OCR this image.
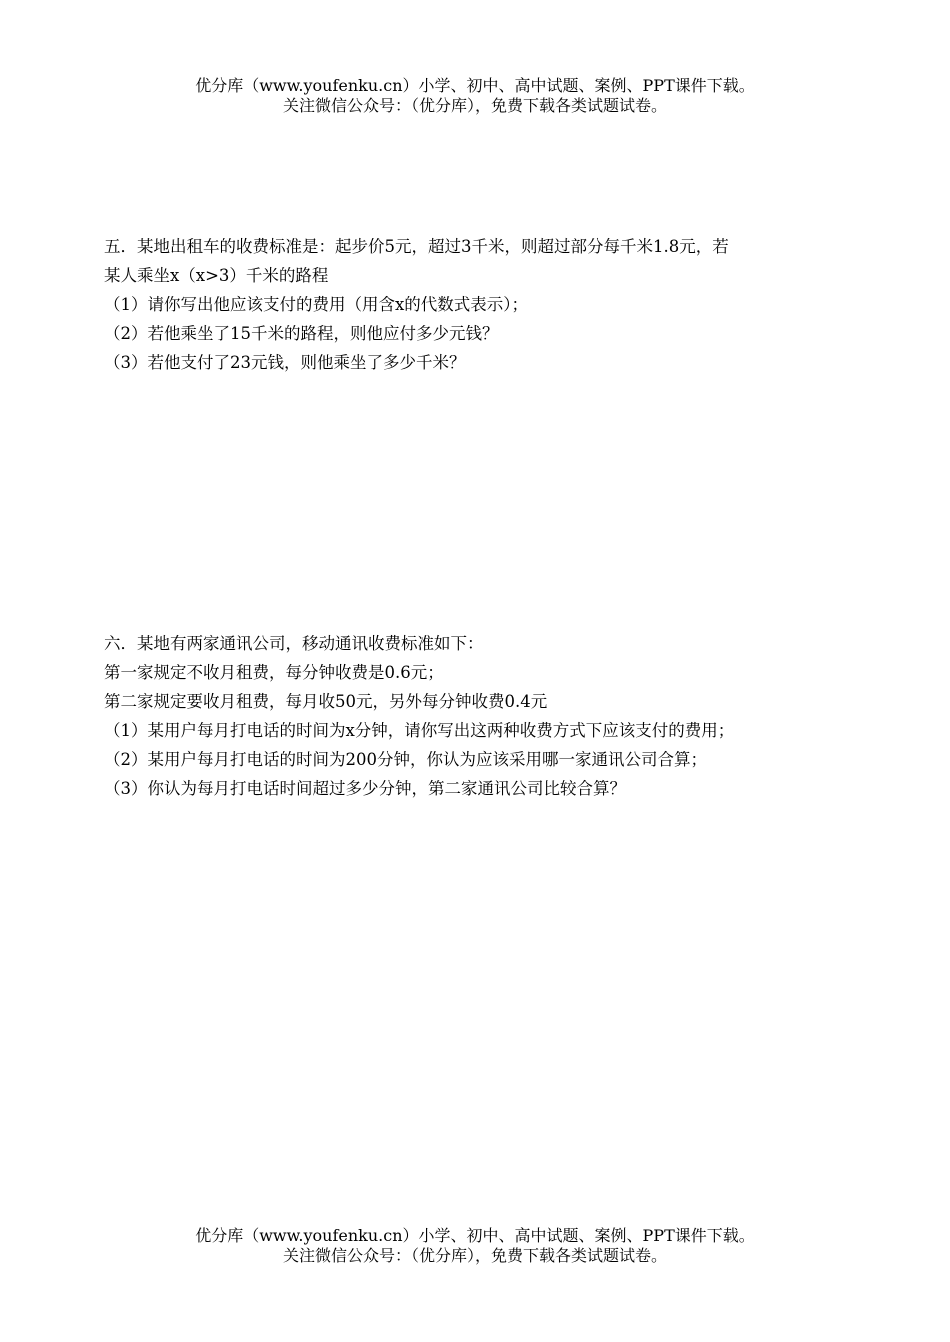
优分库（www.youfenku.cn）小学、初中、高中试题、案例、PPT课件下载。
关注微信公众号：（优分库），免费下载各类试题试卷。
五．某地出租车的收费标准是：起步价5元，超过3千米，则超过部分每千米1.8元，若
某人乘坐x（x>3）千米的路程
（1）请你写出他应该支付的费用（用含x的代数式表示）；
（2）若他乘坐了15千米的路程，则他应付多少元钱？
（3）若他支付了23元钱，则他乘坐了多少千米？
六．某地有两家通讯公司，移动通讯收费标准如下：
第一家规定不收月租费，每分钟收费是0.6元；
第二家规定要收月租费，每月收50元，另外每分钟收费0.4元
（1）某用户每月打电话的时间为x分钟，请你写出这两种收费方式下应该支付的费用；
（2）某用户每月打电话的时间为200分钟，你认为应该采用哪一家通讯公司合算；
（3）你认为每月打电话时间超过多少分钟，第二家通讯公司比较合算？
优分库（www.youfenku.cn）小学、初中、高中试题、案例、PPT课件下载。
关注微信公众号：（优分库），免费下载各类试题试卷。
